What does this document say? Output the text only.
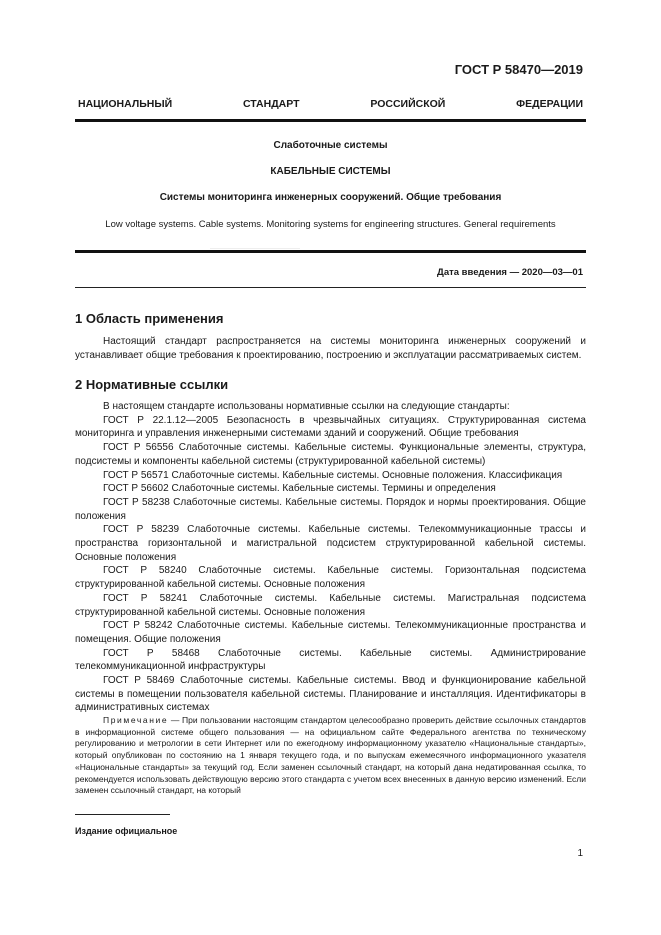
ГОСТ Р 58470—2019
НАЦИОНАЛЬНЫЙ СТАНДАРТ РОССИЙСКОЙ ФЕДЕРАЦИИ
Слаботочные системы
КАБЕЛЬНЫЕ СИСТЕМЫ
Системы мониторинга инженерных сооружений. Общие требования
Low voltage systems. Cable systems. Monitoring systems for engineering structures. General requirements
Дата введения — 2020—03—01
1 Область применения

Настоящий стандарт распространяется на системы мониторинга инженерных сооружений и устанавливает общие требования к проектированию, построению и эксплуатации рассматриваемых систем.

2 Нормативные ссылки

В настоящем стандарте использованы нормативные ссылки на следующие стандарты:

ГОСТ Р 22.1.12—2005 Безопасность в чрезвычайных ситуациях. Структурированная система мониторинга и управления инженерными системами зданий и сооружений. Общие требования

ГОСТ Р 56556 Слаботочные системы. Кабельные системы. Функциональные элементы, структура, подсистемы и компоненты кабельной системы (структурированной кабельной системы)

ГОСТ Р 56571 Слаботочные системы. Кабельные системы. Основные положения. Классификация

ГОСТ Р 56602 Слаботочные системы. Кабельные системы. Термины и определения

ГОСТ Р 58238 Слаботочные системы. Кабельные системы. Порядок и нормы проектирования. Общие положения

ГОСТ Р 58239 Слаботочные системы. Кабельные системы. Телекоммуникационные трассы и пространства горизонтальной и магистральной подсистем структурированной кабельной системы. Основные положения

ГОСТ Р 58240 Слаботочные системы. Кабельные системы. Горизонтальная подсистема структурированной кабельной системы. Основные положения

ГОСТ Р 58241 Слаботочные системы. Кабельные системы. Магистральная подсистема структурированной кабельной системы. Основные положения

ГОСТ Р 58242 Слаботочные системы. Кабельные системы. Телекоммуникационные пространства и помещения. Общие положения

ГОСТ Р 58468 Слаботочные системы. Кабельные системы. Администрирование телекоммуникационной инфраструктуры

ГОСТ Р 58469 Слаботочные системы. Кабельные системы. Ввод и функционирование кабельной системы в помещении пользователя кабельной системы. Планирование и инсталляция. Идентификаторы в административных системах

Примечание — При пользовании настоящим стандартом целесообразно проверить действие ссылочных стандартов в информационной системе общего пользования — на официальном сайте Федерального агентства по техническому регулированию и метрологии в сети Интернет или по ежегодному информационному указателю «Национальные стандарты», который опубликован по состоянию на 1 января текущего года, и по выпускам ежемесячного информационного указателя «Национальные стандарты» за текущий год. Если заменен ссылочный стандарт, на который дана недатированная ссылка, то рекомендуется использовать действующую версию этого стандарта с учетом всех внесенных в данную версию изменений. Если заменен ссылочный стандарт, на который
Издание официальное
1
